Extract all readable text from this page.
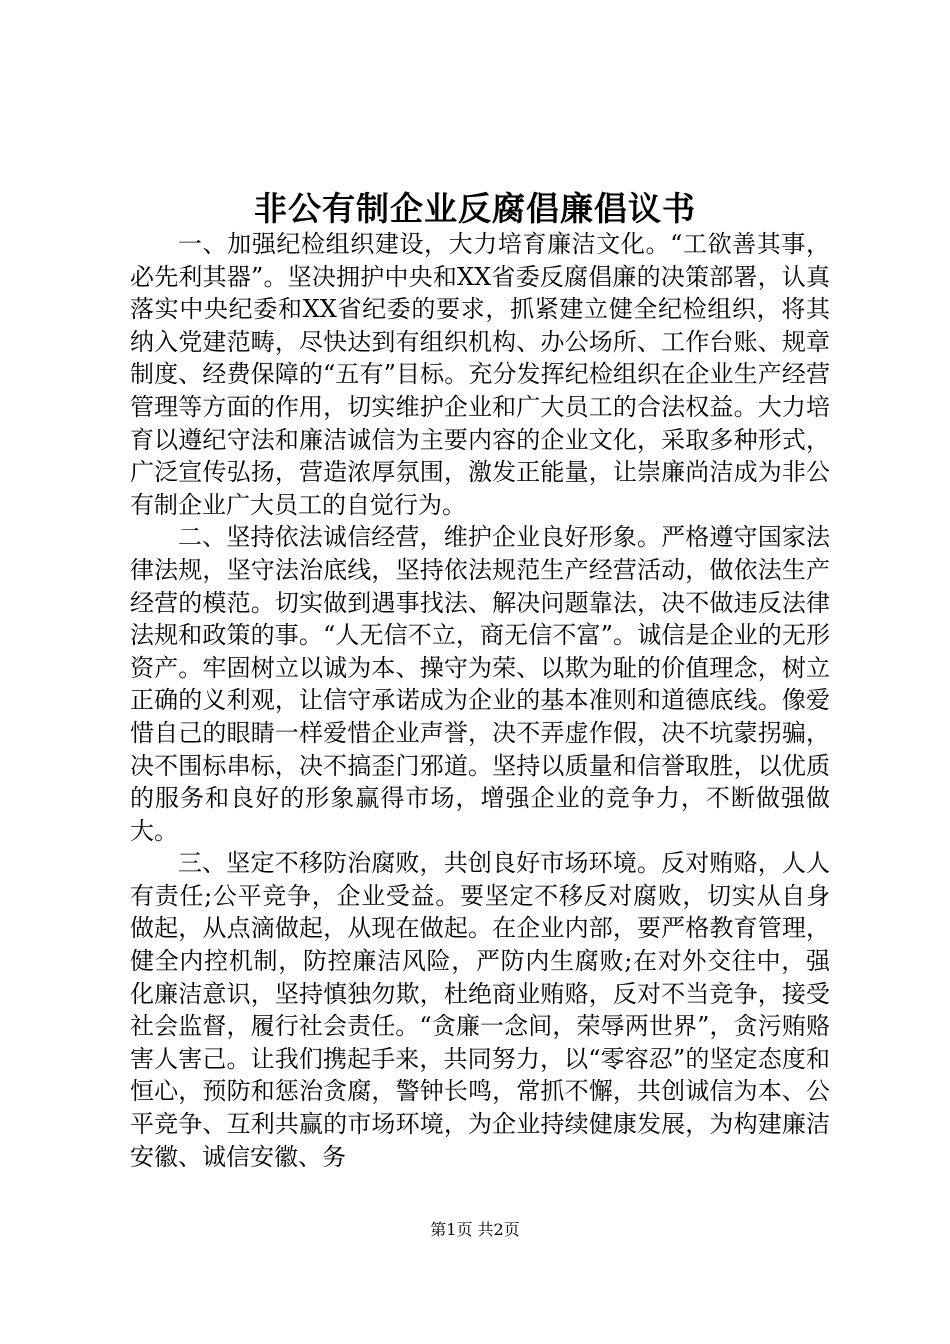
非公有制企业反腐倡廉倡议书

一、加强纪检组织建设，大力培育廉洁文化。“工欲善其事，必先利其器”。坚决拥护中央和XX省委反腐倡廉的决策部署，认真落实中央纪委和XX省纪委的要求，抓紧建立健全纪检组织，将其纳入党建范畴，尽快达到有组织机构、办公场所、工作台账、规章制度、经费保障的“五有”目标。充分发挥纪检组织在企业生产经营管理等方面的作用，切实维护企业和广大员工的合法权益。大力培育以遵纪守法和廉洁诚信为主要内容的企业文化，采取多种形式，广泛宣传弘扬，营造浓厚氛围，激发正能量，让崇廉尚洁成为非公有制企业广大员工的自觉行为。

二、坚持依法诚信经营，维护企业良好形象。严格遵守国家法律法规，坚守法治底线，坚持依法规范生产经营活动，做依法生产经营的模范。切实做到遇事找法、解决问题靠法，决不做违反法律法规和政策的事。“人无信不立，商无信不富”。诚信是企业的无形资产。牢固树立以诚为本、操守为荣、以欺为耻的价值理念，树立正确的义利观，让信守承诺成为企业的基本准则和道德底线。像爱惜自己的眼睛一样爱惜企业声誉，决不弄虚作假，决不坑蒙拐骗，决不围标串标，决不搞歪门邪道。坚持以质量和信誉取胜，以优质的服务和良好的形象赢得市场，增强企业的竞争力，不断做强做大。

三、坚定不移防治腐败，共创良好市场环境。反对贿赂，人人有责任;公平竞争，企业受益。要坚定不移反对腐败，切实从自身做起，从点滴做起，从现在做起。在企业内部，要严格教育管理，健全内控机制，防控廉洁风险，严防内生腐败;在对外交往中，强化廉洁意识，坚持慎独勿欺，杜绝商业贿赂，反对不当竞争，接受社会监督，履行社会责任。“贪廉一念间，荣辱两世界”，贪污贿赂害人害己。让我们携起手来，共同努力，以“零容忍”的坚定态度和恒心，预防和惩治贪腐，警钟长鸣，常抓不懈，共创诚信为本、公平竞争、互利共赢的市场环境，为企业持续健康发展，为构建廉洁安徽、诚信安徽、务

第1页 共2页
